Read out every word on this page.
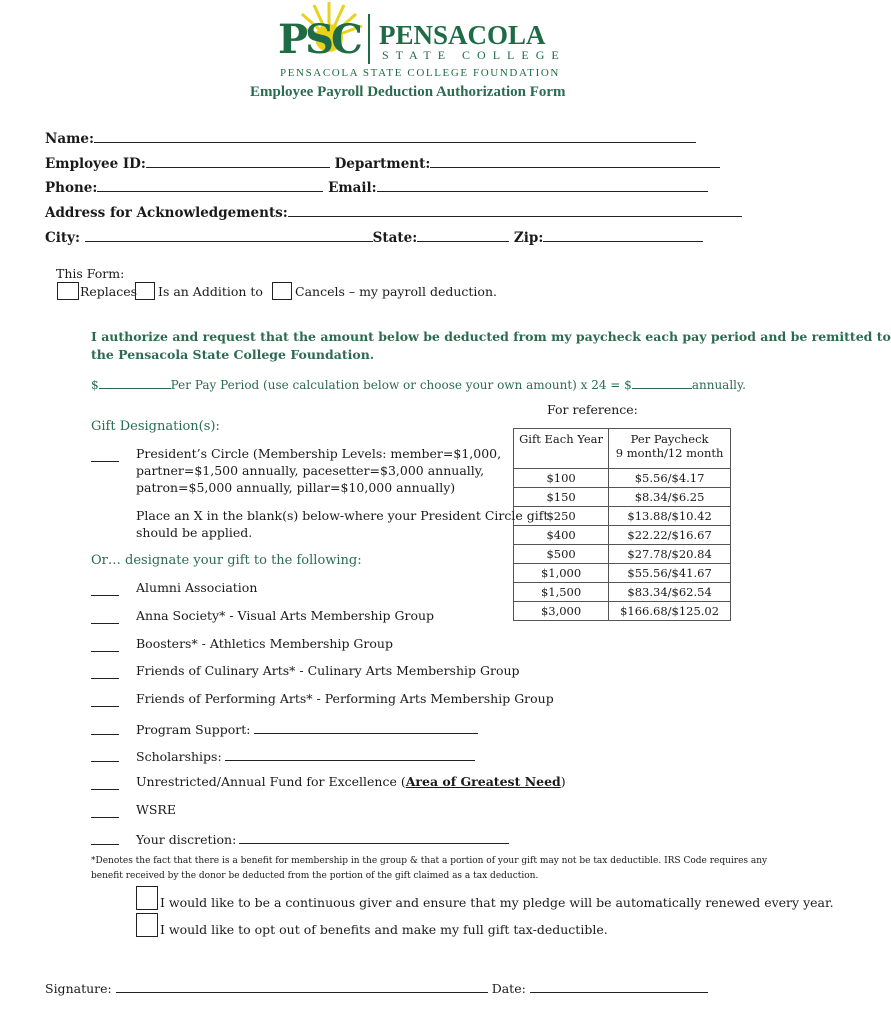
PSC PENSACOLA
STATE COLLEGE
PENSACOLA STATE COLLEGE FOUNDATION
Employee Payroll Deduction Authorization Form
Name:
Employee ID:	Department:
Phone:	Email:
Address for Acknowledgements:
City:	State:	Zip:
This Form:
Replaces Is an Addition to	Cancels – my payroll deduction.
I authorize and request that the amount below be deducted from my paycheck each pay period and be remitted to
the Pensacola State College Foundation.
$	Per Pay Period (use calculation below or choose your own amount) x 24 = $	annually.
For reference:
Gift Each Year	Per Paycheck
9 month/12 month
$100	$5.56/$4.17
$150	$8.34/$6.25
$250	$13.88/$10.42
$400	$22.22/$16.67
$500	$27.78/$20.84
$1,000	$55.56/$41.67
$1,500	$83.34/$62.54
$3,000	$166.68/$125.02
Gift Designation(s):
President’s Circle (Membership Levels: member=$1,000,
partner=$1,500 annually, pacesetter=$3,000 annually,
patron=$5,000 annually, pillar=$10,000 annually)
Place an X in the blank(s) below-where your President Circle gift
should be applied.
Or… designate your gift to the following:
Alumni Association
Anna Society* - Visual Arts Membership Group
Boosters* - Athletics Membership Group
Friends of Culinary Arts* - Culinary Arts Membership Group
Friends of Performing Arts* - Performing Arts Membership Group
Program Support:
Scholarships:
Unrestricted/Annual Fund for Excellence (Area of Greatest Need)
WSRE
Your discretion:
*Denotes the fact that there is a benefit for membership in the group & that a portion of your gift may not be tax deductible. IRS Code requires any
benefit received by the donor be deducted from the portion of the gift claimed as a tax deduction.
I would like to be a continuous giver and ensure that my pledge will be automatically renewed every year.
I would like to opt out of benefits and make my full gift tax-deductible.
Signature:	Date:
